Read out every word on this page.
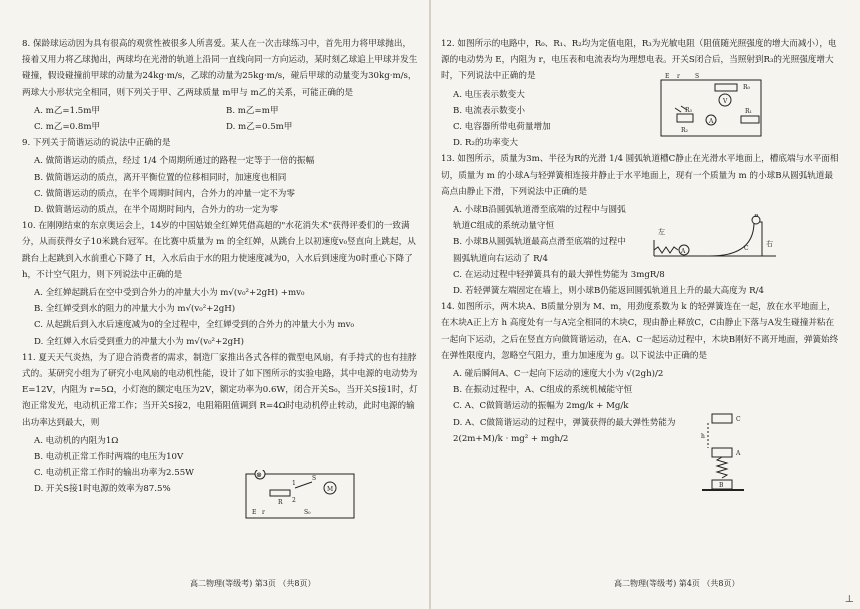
8. 保龄球运动因为具有很高的观赏性被很多人所喜爱。某人在一次击球练习中，首先用力将甲球抛出，接着又用力将乙球抛出，两球均在光滑的轨道上沿同一直线向同一方向运动，某时刻乙球追上甲球并发生碰撞，假设碰撞前甲球的动量为24kg·m/s，乙球的动量为25kg·m/s，碰后甲球的动量变为30kg·m/s，两球大小形状完全相同，则下列关于甲、乙两球质量 m甲与 m乙的关系，可能正确的是

A. m乙=1.5m甲	B. m乙=m甲
C. m乙=0.8m甲	D. m乙=0.5m甲

9. 下列关于简谐运动的说法中正确的是

A. 做简谐运动的质点，经过 1/4 个周期所通过的路程一定等于一倍的振幅

B. 做简谐运动的质点，离开平衡位置的位移相同时，加速度也相同

C. 做简谐运动的质点，在半个周期时间内，合外力的冲量一定不为零

D. 做简谐运动的质点，在半个周期时间内，合外力的功一定为零

10. 在刚刚结束的东京奥运会上，14岁的中国姑娘全红婵凭借高超的"水花消失术"获得评委们的一致满分，从而获得女子10米跳台冠军。在比赛中质量为 m 的全红婵，从跳台上以初速度v₀竖直向上跳起，从跳台上起跳到入水前重心下降了 H，入水后由于水的阻力使速度减为0，入水后到速度为0时重心下降了 h，不计空气阻力，则下列说法中正确的是

A. 全红婵起跳后在空中受到合外力的冲量大小为 m√(v₀²+2gH) +mv₀

B. 全红婵受到水的阻力的冲量大小为 m√(v₀²+2gH)

C. 从起跳后到入水后速度减为0的全过程中，全红婵受到的合外力的冲量大小为 mv₀

D. 全红婵入水后受到重力的冲量大小为 m√(v₀²+2gH)

11. 夏天天气炎热，为了迎合消费者的需求，制造厂家推出各式各样的微型电风扇，有手持式的也有挂脖式的。某研究小组为了研究小电风扇的电动机性能，设计了如下图所示的实验电路，其中电源的电动势为 E=12V，内阻为 r=5Ω，小灯泡的额定电压为2V，额定功率为0.6W，闭合开关S₀，当开关S接1时，灯泡正常发光，电动机正常工作；当开关S接2，电阻箱阻值调到 R=4Ω时电动机停止转动，此时电源的输出功率达到最大，则

A. 电动机的内阻为1Ω

B. 电动机正常工作时两端的电压为10V

C. 电动机正常工作时的输出功率为2.55W

D. 开关S接1时电源的效率为87.5%

⊗
M
S
1
2
R
E r	S₀
高二物理(等级考) 第3页 （共8页）

12. 如图所示的电路中，R₀、R₁、R₂均为定值电阻，R₃为光敏电阻（阻值随光照强度的增大而减小），电源的电动势为 E，内阻为 r，电压表和电流表均为理想电表。开关S闭合后，当照射到R₃的光照强度增大时，下列说法中正确的是

A. 电压表示数变大

B. 电流表示数变小

C. 电容器所带电荷量增加

D. R₂的功率变大

13. 如图所示，质量为3m、半径为R的光滑 1/4 圆弧轨道槽C静止在光滑水平地面上，槽底端与水平面相切，质量为 m 的小球A与轻弹簧相连接并静止于水平地面上，现有一个质量为 m 的小球B从圆弧轨道最高点由静止下滑，下列说法中正确的是

A. 小球B沿圆弧轨道滑至底端的过程中与圆弧轨道C组成的系统动量守恒

B. 小球B从圆弧轨道最高点滑至底端的过程中圆弧轨道向右运动了 R/4

C. 在运动过程中轻弹簧具有的最大弹性势能为 3mgR/8

D. 若轻弹簧左端固定在墙上，则小球B仍能返回圆弧轨道且上升的最大高度为 R/4

14. 如图所示，两木块A、B质量分别为 M、m，用劲度系数为 k 的轻弹簧连在一起，放在水平地面上，在木块A正上方 h 高度处有一与A完全相同的木块C，现由静止释放C，C由静止下落与A发生碰撞并粘在一起向下运动，之后在竖直方向做简谐运动，在A、C一起运动过程中，木块B刚好不离开地面，弹簧始终在弹性限度内，忽略空气阻力，重力加速度为 g。以下说法中正确的是

A. 碰后瞬间A、C一起向下运动的速度大小为 √(2gh)/2

B. 在振动过程中，A、C组成的系统机械能守恒

C. A、C做简谐运动的振幅为 2mg/k + Mg/k

D. A、C做简谐运动的过程中，弹簧获得的最大弹性势能为 2(2m+M)/k · mg² + mgh/2

E r	S
R₀
V
A
R₁
R₂
R₃
左
右
A
B
C
C
A
B
h
高二物理(等级考) 第4页 （共8页）
⊥
